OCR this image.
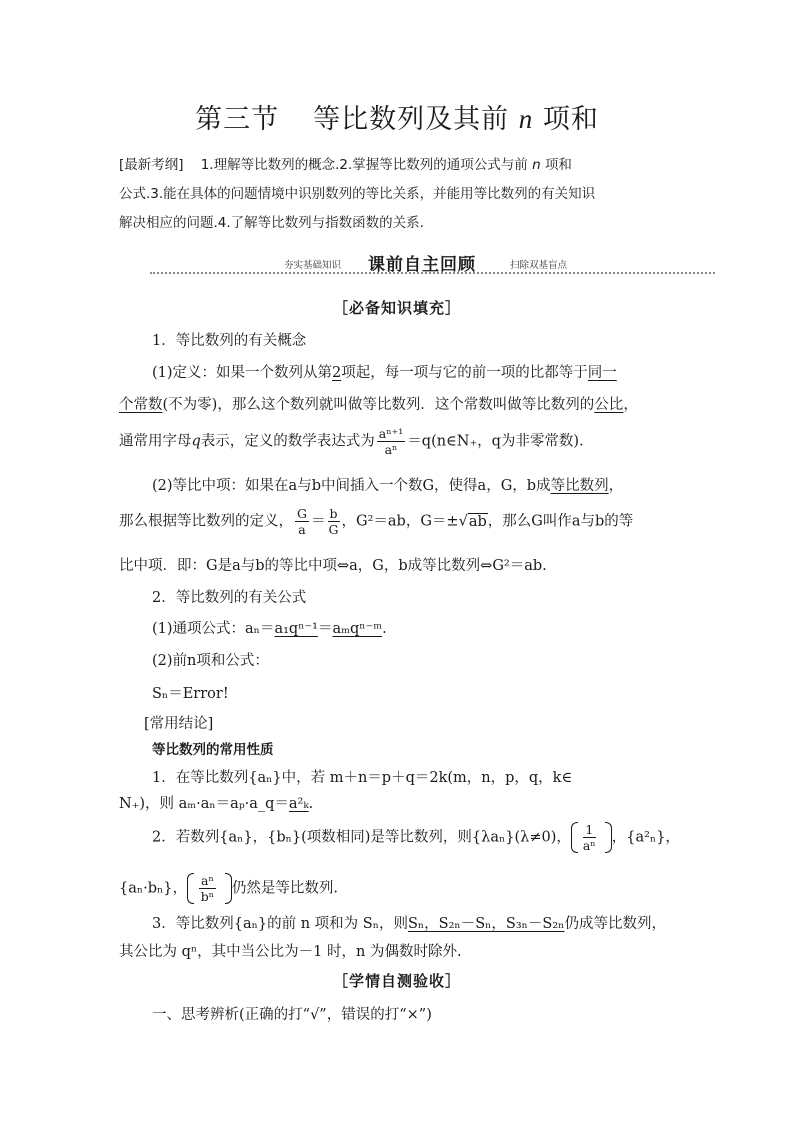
第三节 等比数列及其前 n 项和
[最新考纲] 1.理解等比数列的概念.2.掌握等比数列的通项公式与前 n 项和
公式.3.能在具体的问题情境中识别数列的等比关系，并能用等比数列的有关知识
解决相应的问题.4.了解等比数列与指数函数的关系.
夯实基础知识 课前自主回顾	扫除双基盲点
［必备知识填充］
1．等比数列的有关概念
(1)定义：如果一个数列从第2项起，每一项与它的前一项的比都等于同一
个常数(不为零)，那么这个数列就叫做等比数列．这个常数叫做等比数列的公比，
通常用字母q表示，定义的数学表达式为 $\frac{\text{aⁿ⁺¹}}{\text{aⁿ}}$ ＝q(n∈N₊，q为非零常数)．
(2)等比中项：如果在a与b中间插入一个数G，使得a，G，b成等比数列，
那么根据等比数列的定义， $\frac{G}{a} = \frac{b}{G}$ ，G²＝ab，G＝±√ab，那么G叫作a与b的等
比中项．即：G是a与b的等比中项⇔a，G，b成等比数列⇔G²＝ab.
2．等比数列的有关公式
(1)通项公式：aₙ＝a₁qⁿ⁻¹＝aₘqⁿ⁻ᵐ.
(2)前n项和公式：
Sₙ＝Error!
[常用结论]
等比数列的常用性质
1．在等比数列{aₙ}中，若 m＋n＝p＋q＝2k(m，n，p，q，k∈
N₊)，则 aₘ·aₙ＝aₚ·a_q＝a²ₖ.
2．若数列{aₙ}，{bₙ}(项数相同)是等比数列，则{λaₙ}(λ≠0)， $\frac{1}{\text{aⁿ}}$ ，{a²ₙ}，
{aₙ·bₙ}， $\frac{\text{aⁿ}}{\text{bⁿ}}$ 仍然是等比数列.
3．等比数列{aₙ}的前 n 项和为 Sₙ，则Sₙ，S₂ₙ－Sₙ，S₃ₙ－S₂ₙ仍成等比数列，
其公比为 qⁿ，其中当公比为－1 时，n 为偶数时除外.
［学情自测验收］
一、思考辨析(正确的打“√”，错误的打“×”)
